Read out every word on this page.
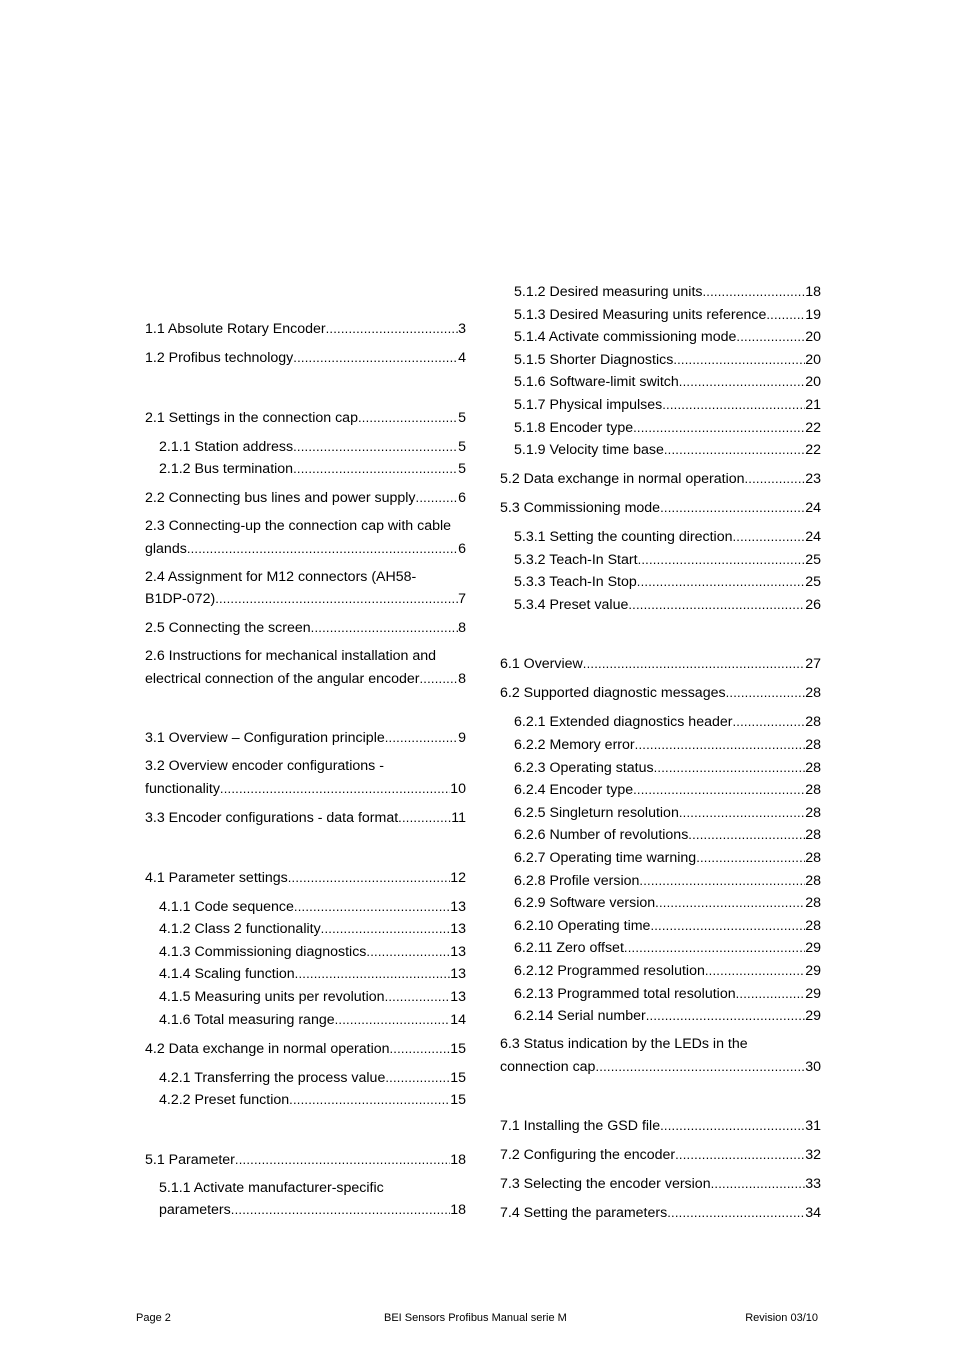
1.1 Absolute Rotary Encoder .....	3
1.2 Profibus technology .....	4
2.1 Settings in the connection cap .....	5
2.1.1 Station address .....	5
2.1.2 Bus termination .....	5
2.2 Connecting bus lines and power supply .....	6
2.3 Connecting-up the connection cap with cable
glands .....	6
2.4 Assignment for M12 connectors (AH58-
B1DP-072) .....	7
2.5 Connecting the screen .....	8
2.6 Instructions for mechanical installation and
electrical connection of the angular encoder .....	8
3.1 Overview – Configuration principle .....	9
3.2 Overview encoder configurations -
functionality .....	10
3.3 Encoder configurations - data format .....	11
4.1 Parameter settings .....	12
4.1.1 Code sequence .....	13
4.1.2 Class 2 functionality .....	13
4.1.3 Commissioning diagnostics .....	13
4.1.4 Scaling function .....	13
4.1.5 Measuring units per revolution .....	13
4.1.6 Total measuring range .....	14
4.2 Data exchange in normal operation .....	15
4.2.1 Transferring the process value .....	15
4.2.2 Preset function .....	15
5.1 Parameter .....	18
5.1.1 Activate manufacturer-specific
parameters .....	18
5.1.2 Desired measuring units .....	18
5.1.3 Desired Measuring units reference .....	19
5.1.4 Activate commissioning mode .....	20
5.1.5 Shorter Diagnostics .....	20
5.1.6 Software-limit switch .....	20
5.1.7 Physical impulses .....	21
5.1.8 Encoder type .....	22
5.1.9 Velocity time base .....	22
5.2 Data exchange in normal operation .....	23
5.3 Commissioning mode .....	24
5.3.1 Setting the counting direction .....	24
5.3.2 Teach-In Start .....	25
5.3.3 Teach-In Stop .....	25
5.3.4 Preset value .....	26
6.1 Overview .....	27
6.2 Supported diagnostic messages .....	28
6.2.1 Extended diagnostics header .....	28
6.2.2 Memory error .....	28
6.2.3 Operating status .....	28
6.2.4 Encoder type .....	28
6.2.5 Singleturn resolution .....	28
6.2.6 Number of revolutions .....	28
6.2.7 Operating time warning .....	28
6.2.8 Profile version .....	28
6.2.9 Software version .....	28
6.2.10 Operating time .....	28
6.2.11 Zero offset .....	29
6.2.12 Programmed resolution .....	29
6.2.13 Programmed total resolution .....	29
6.2.14 Serial number .....	29
6.3 Status indication by the LEDs in the
connection cap .....	30
7.1 Installing the GSD file .....	31
7.2 Configuring the encoder .....	32
7.3 Selecting the encoder version .....	33
7.4 Setting the parameters .....	34
Page 2	BEI Sensors Profibus Manual serie M	Revision 03/10
